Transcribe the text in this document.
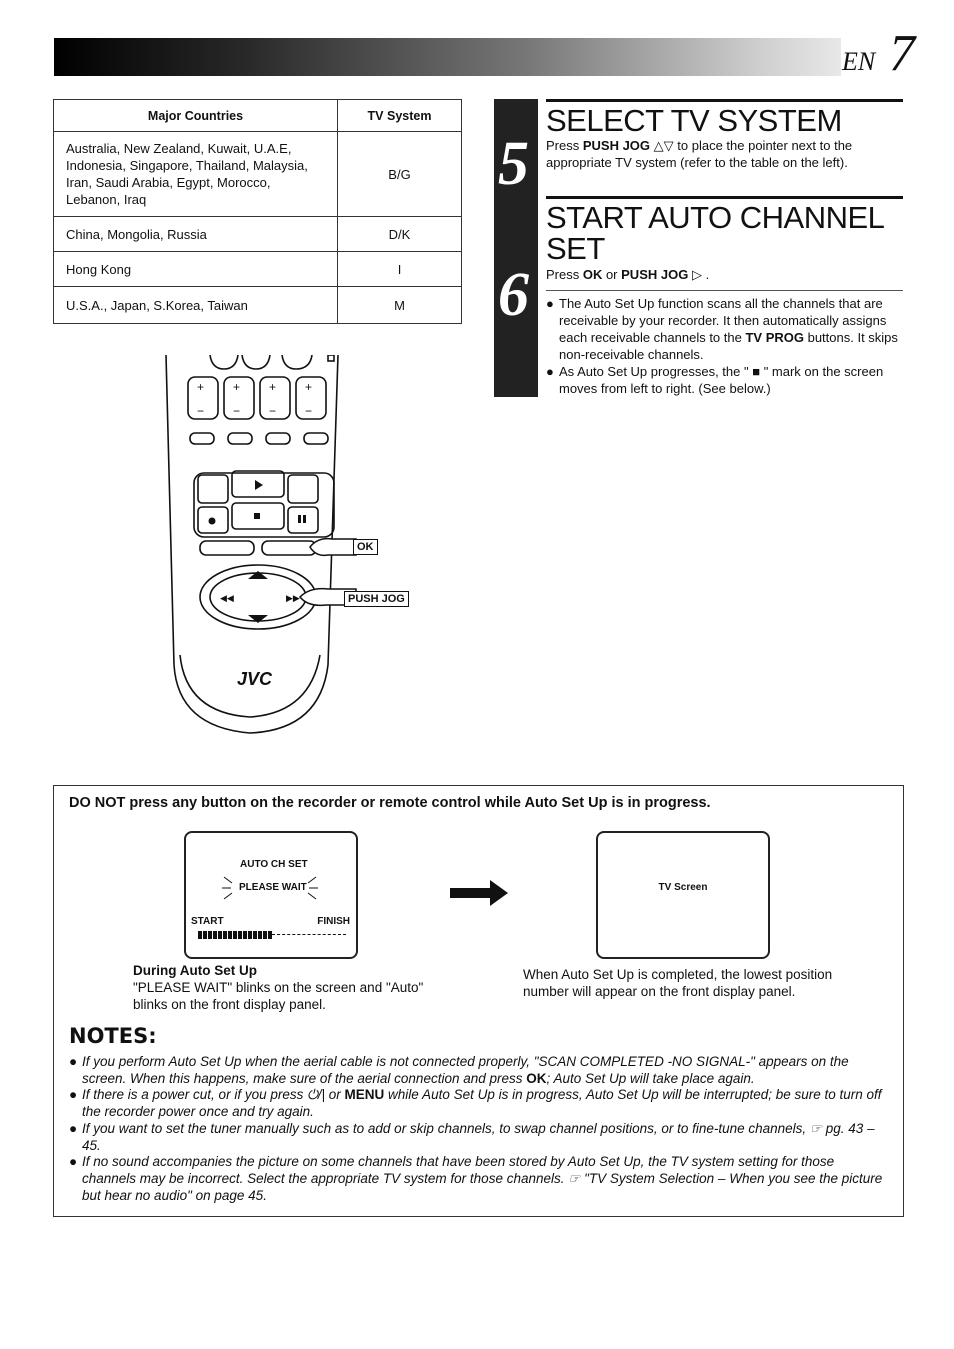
EN 7
Major Countries	TV System
Australia, New Zealand, Kuwait, U.A.E, Indonesia, Singapore, Thailand, Malaysia, Iran, Saudi Arabia, Egypt, Morocco, Lebanon, Iraq	B/G
China, Mongolia, Russia	D/K
Hong Kong	I
U.S.A., Japan, S.Korea, Taiwan	M
5
6
SELECT TV SYSTEM
Press PUSH JOG △▽ to place the pointer next to the appropriate TV system (refer to the table on the left).
START AUTO CHANNEL
SET
Press OK or PUSH JOG ▷ .
● The Auto Set Up function scans all the channels that are receivable by your recorder. It then automatically assigns each receivable channels to the TV PROG buttons. It skips non-receivable channels.
● As Auto Set Up progresses, the " ■ " mark on the screen moves from left to right. (See below.)
+
−
+
−
+
−
+
−
◀◀	▶▶
JVC
OK
PUSH JOG
DO NOT press any button on the recorder or remote control while Auto Set Up is in progress.
AUTO CH SET
PLEASE WAIT
START	FINISH
During Auto Set Up
"PLEASE WAIT" blinks on the screen and "Auto" blinks on the front display panel.
TV Screen
When Auto Set Up is completed, the lowest position number will appear on the front display panel.
NOTES:
● If you perform Auto Set Up when the aerial cable is not connected properly, "SCAN COMPLETED -NO SIGNAL-" appears on the screen. When this happens, make sure of the aerial connection and press OK; Auto Set Up will take place again.
● If there is a power cut, or if you press ⏻/| or MENU while Auto Set Up is in progress, Auto Set Up will be interrupted; be sure to turn off the recorder power once and try again.
● If you want to set the tuner manually such as to add or skip channels, to swap channel positions, or to fine-tune channels, ☞ pg. 43 – 45.
● If no sound accompanies the picture on some channels that have been stored by Auto Set Up, the TV system setting for those channels may be incorrect. Select the appropriate TV system for those channels. ☞ "TV System Selection – When you see the picture but hear no audio" on page 45.
